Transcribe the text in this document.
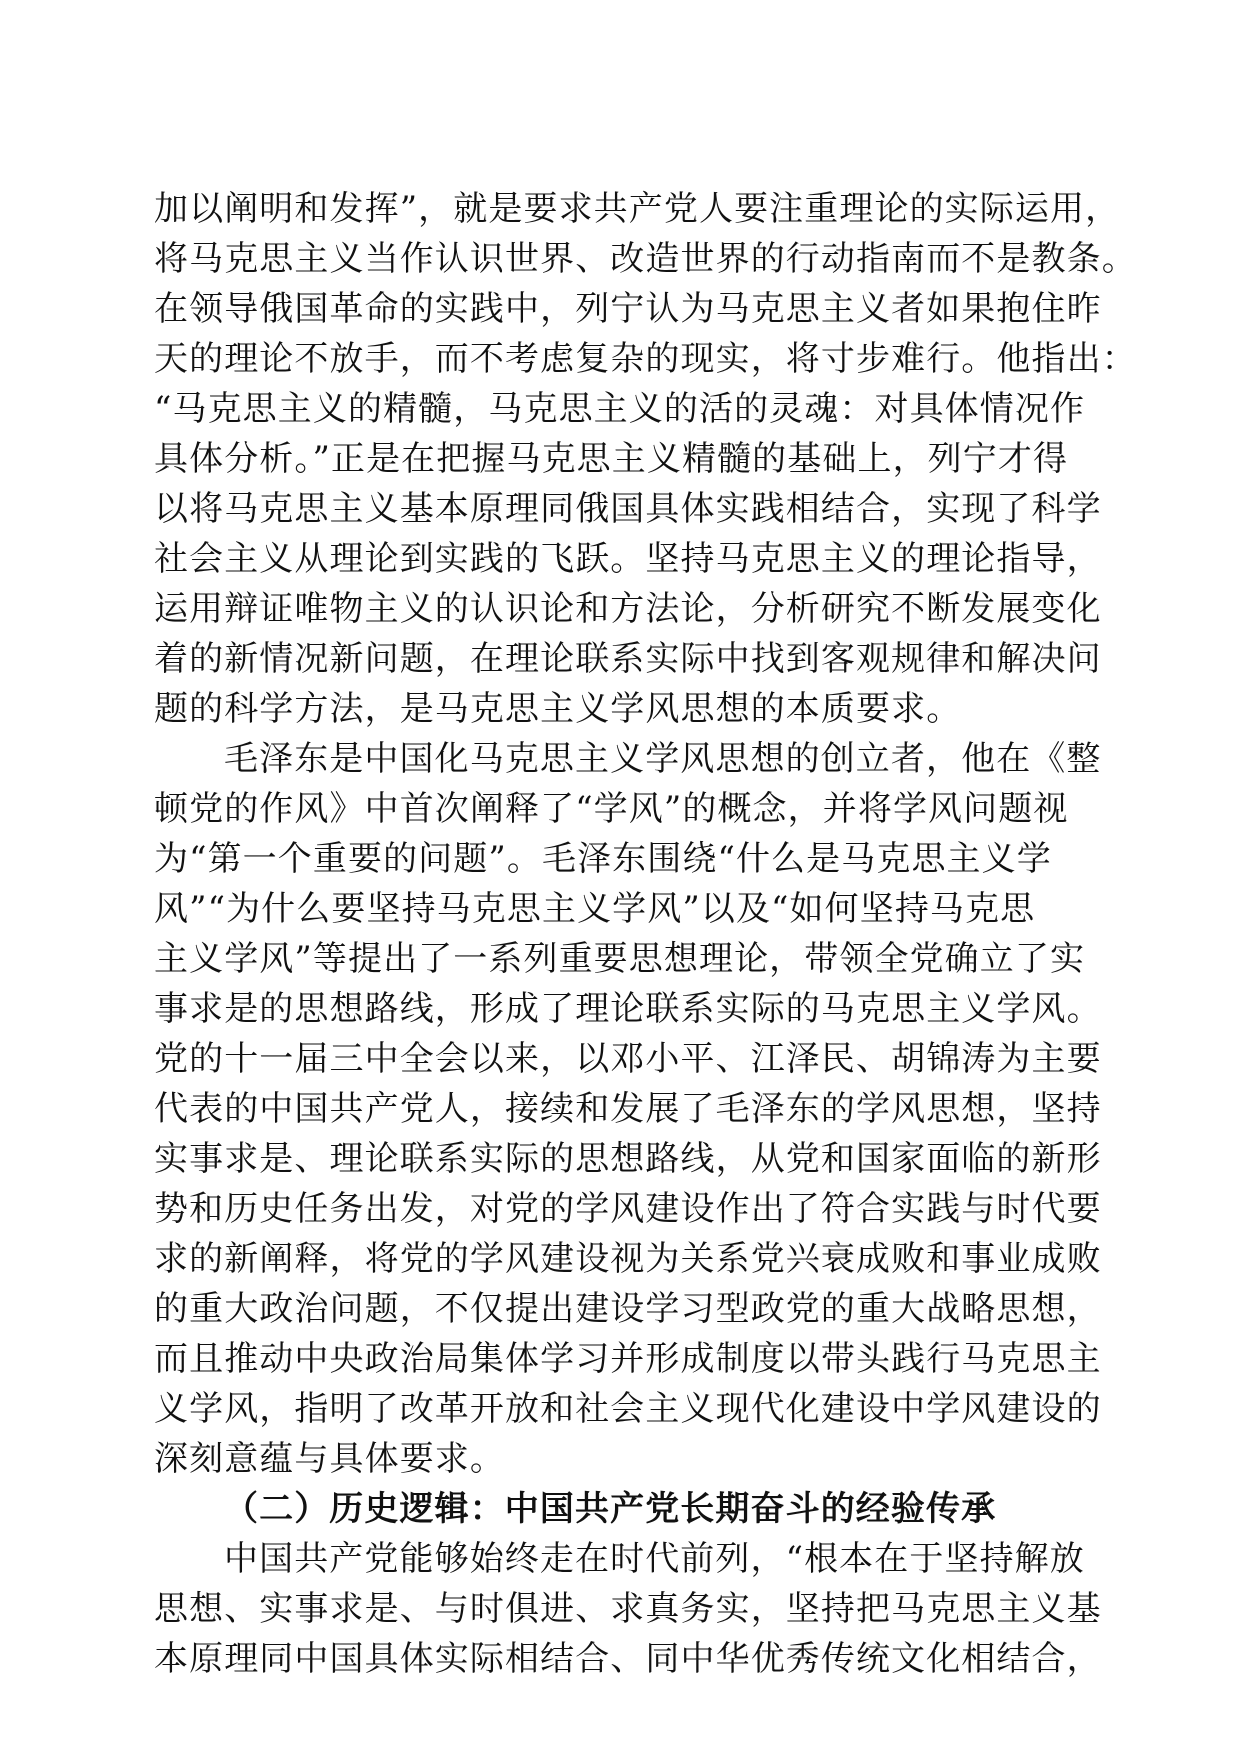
加以阐明和发挥”，就是要求共产党人要注重理论的实际运用，
将马克思主义当作认识世界、改造世界的行动指南而不是教条。
在领导俄国革命的实践中，列宁认为马克思主义者如果抱住昨
天的理论不放手，而不考虑复杂的现实，将寸步难行。他指出：
“马克思主义的精髓，马克思主义的活的灵魂：对具体情况作
具体分析。”正是在把握马克思主义精髓的基础上，列宁才得
以将马克思主义基本原理同俄国具体实践相结合，实现了科学
社会主义从理论到实践的飞跃。坚持马克思主义的理论指导，
运用辩证唯物主义的认识论和方法论，分析研究不断发展变化
着的新情况新问题，在理论联系实际中找到客观规律和解决问
题的科学方法，是马克思主义学风思想的本质要求。
毛泽东是中国化马克思主义学风思想的创立者，他在《整
顿党的作风》中首次阐释了“学风”的概念，并将学风问题视
为“第一个重要的问题”。毛泽东围绕“什么是马克思主义学
风”“为什么要坚持马克思主义学风”以及“如何坚持马克思
主义学风”等提出了一系列重要思想理论，带领全党确立了实
事求是的思想路线，形成了理论联系实际的马克思主义学风。
党的十一届三中全会以来，以邓小平、江泽民、胡锦涛为主要
代表的中国共产党人，接续和发展了毛泽东的学风思想，坚持
实事求是、理论联系实际的思想路线，从党和国家面临的新形
势和历史任务出发，对党的学风建设作出了符合实践与时代要
求的新阐释，将党的学风建设视为关系党兴衰成败和事业成败
的重大政治问题，不仅提出建设学习型政党的重大战略思想，
而且推动中央政治局集体学习并形成制度以带头践行马克思主
义学风，指明了改革开放和社会主义现代化建设中学风建设的
深刻意蕴与具体要求。
（二）历史逻辑：中国共产党长期奋斗的经验传承
中国共产党能够始终走在时代前列，“根本在于坚持解放
思想、实事求是、与时俱进、求真务实，坚持把马克思主义基
本原理同中国具体实际相结合、同中华优秀传统文化相结合，
